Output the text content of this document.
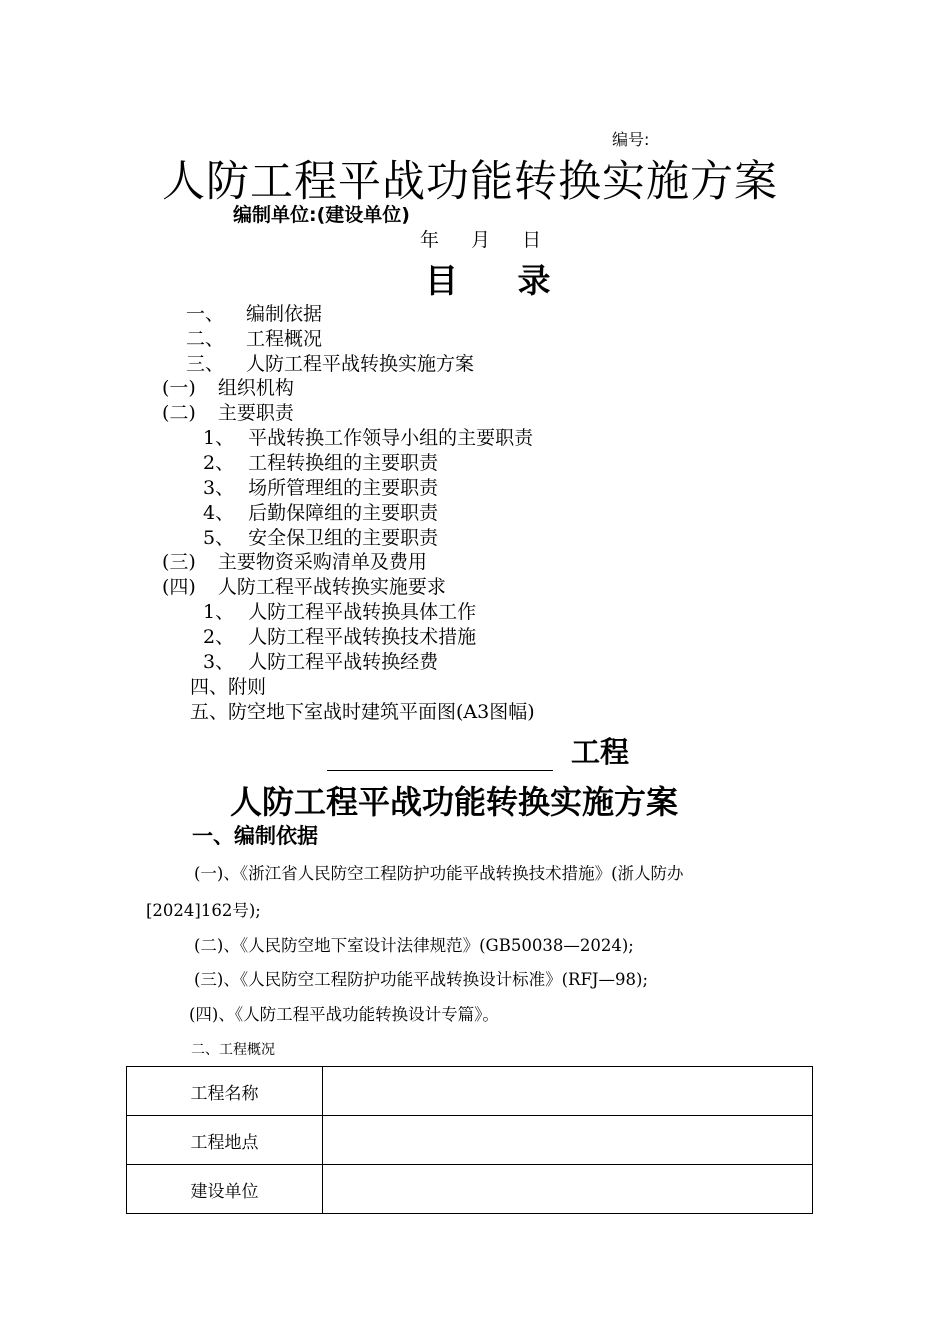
编号:
人防工程平战功能转换实施方案
编制单位:(建设单位)
年 月 日
目 录
一、 编制依据
二、 工程概况
三、 人防工程平战转换实施方案
(一) 组织机构
(二) 主要职责
1、 平战转换工作领导小组的主要职责
2、 工程转换组的主要职责
3、 场所管理组的主要职责
4、 后勤保障组的主要职责
5、 安全保卫组的主要职责
(三) 主要物资采购清单及费用
(四) 人防工程平战转换实施要求
1、 人防工程平战转换具体工作
2、 人防工程平战转换技术措施
3、 人防工程平战转换经费
四、附则
五、防空地下室战时建筑平面图(A3图幅)
工程
人防工程平战功能转换实施方案
一、编制依据
(一)、《浙江省人民防空工程防护功能平战转换技术措施》(浙人防办
[2024]162号);
(二)、《人民防空地下室设计法律规范》(GB50038—2024);
(三)、《人民防空工程防护功能平战转换设计标准》(RFJ—98);
(四)、《人防工程平战功能转换设计专篇》。
二、工程概况
工程名称	
工程地点	
建设单位	
